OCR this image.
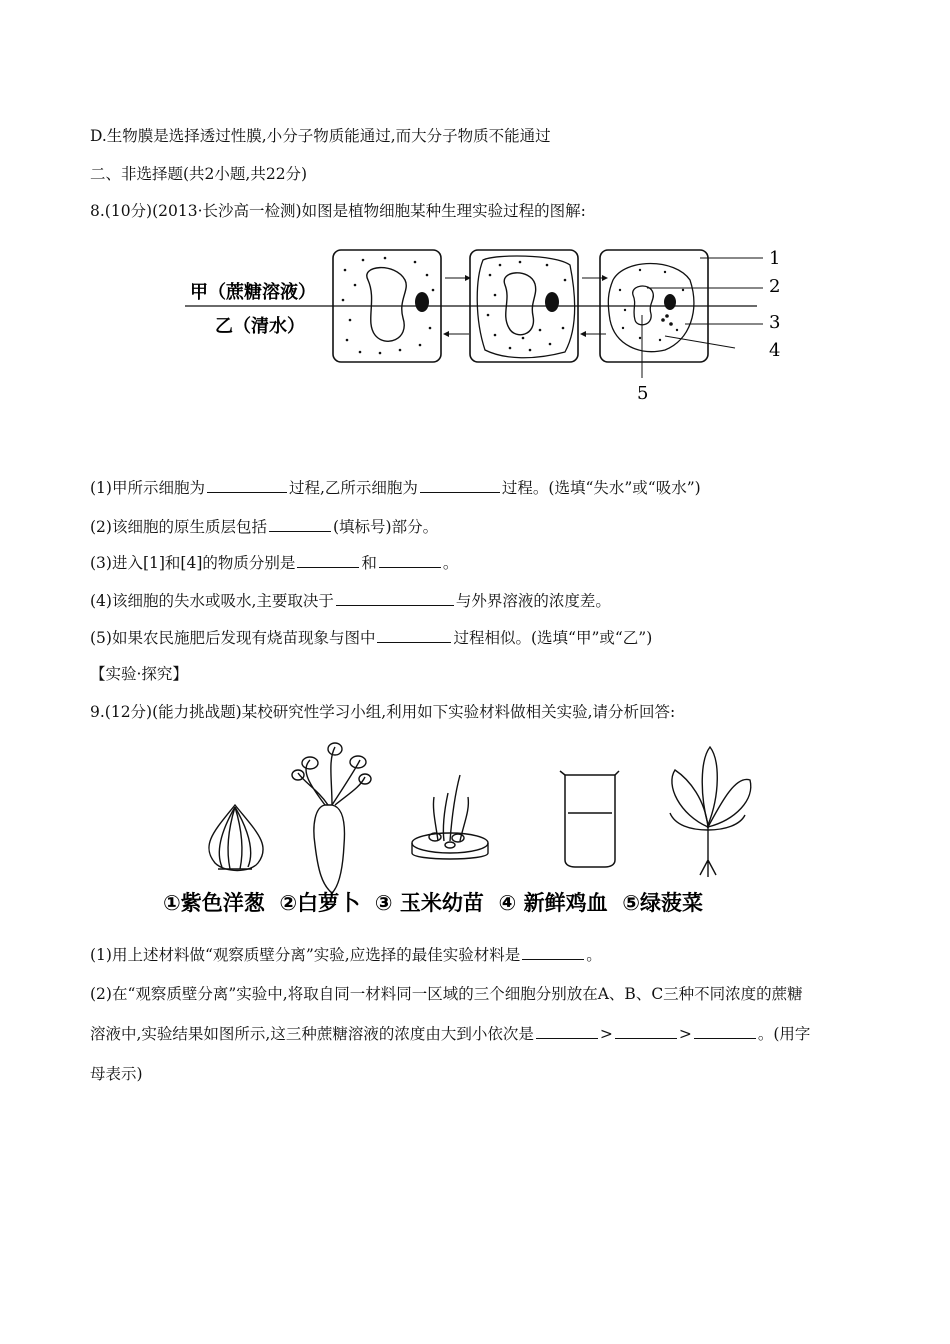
D.生物膜是选择透过性膜,小分子物质能通过,而大分子物质不能通过
二、非选择题(共2小题,共22分)
8.(10分)(2013·长沙高一检测)如图是植物细胞某种生理实验过程的图解:
甲（蔗糖溶液）
乙（清水）
1
2
3
4
5
(1)甲所示细胞为	过程,乙所示细胞为	过程。(选填“失水”或“吸水”)
(2)该细胞的原生质层包括	(填标号)部分。
(3)进入[1]和[4]的物质分别是	和	。
(4)该细胞的失水或吸水,主要取决于	与外界溶液的浓度差。
(5)如果农民施肥后发现有烧苗现象与图中	过程相似。(选填“甲”或“乙”)
【实验·探究】
9.(12分)(能力挑战题)某校研究性学习小组,利用如下实验材料做相关实验,请分析回答:
①紫色洋葱  ②白萝卜  ③ 玉米幼苗  ④ 新鲜鸡血  ⑤绿菠菜
(1)用上述材料做“观察质壁分离”实验,应选择的最佳实验材料是	。
(2)在“观察质壁分离”实验中,将取自同一材料同一区域的三个细胞分别放在A、B、C三种不同浓度的蔗糖
溶液中,实验结果如图所示,这三种蔗糖溶液的浓度由大到小依次是	>	>	。(用字
母表示)
